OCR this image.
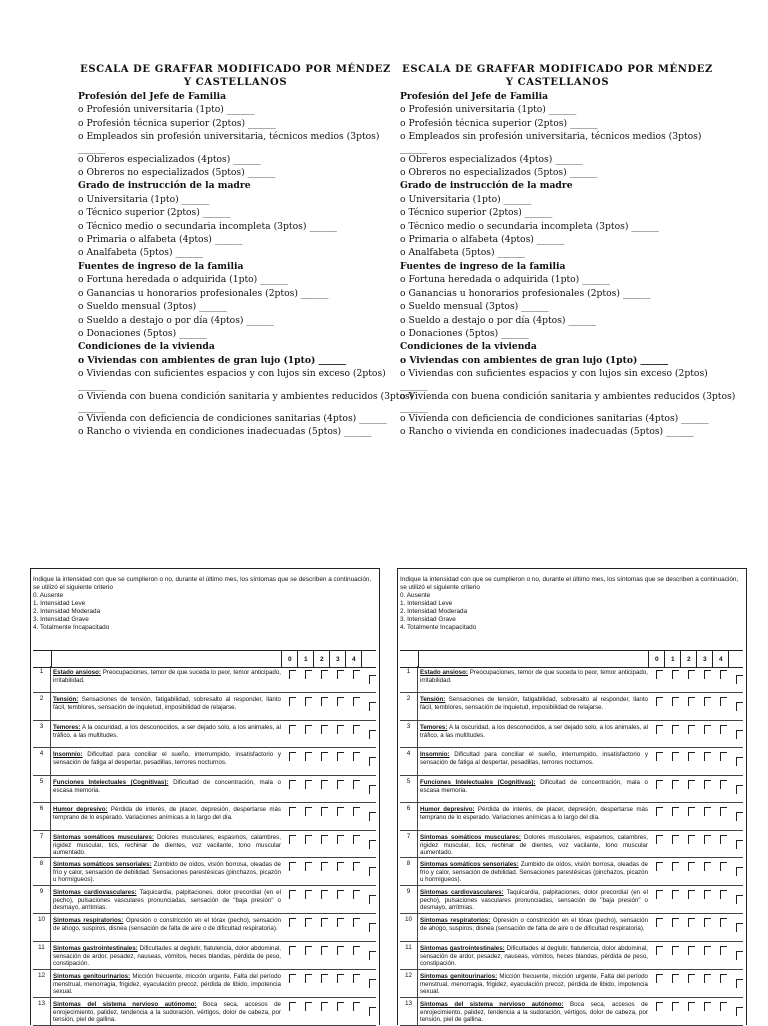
ESCALA DE GRAFFAR MODIFICADO POR MÉNDEZ Y CASTELLANOS
Profesión del Jefe de Familia
o Profesión universitaria (1pto) ______
o Profesión técnica superior (2ptos) ______
o Empleados sin profesión universitaria, técnicos medios (3ptos)
______
o Obreros especializados (4ptos) ______
o Obreros no especializados (5ptos) ______
Grado de instrucción de la madre
o Universitaria (1pto) ______
o Técnico superior (2ptos) ______
o Técnico medio o secundaria incompleta (3ptos) ______
o Primaria o alfabeta (4ptos) ______
o Analfabeta (5ptos) ______
Fuentes de ingreso de la familia
o Fortuna heredada o adquirida (1pto) ______
o Ganancias u honorarios profesionales (2ptos) ______
o Sueldo mensual (3ptos) ______
o Sueldo a destajo o por día (4ptos) ______
o Donaciones (5ptos) ______
Condiciones de la vivienda
o Viviendas con ambientes de gran lujo (1pto) ______
o Viviendas con suficientes espacios y con lujos sin exceso (2ptos)
______
o Vivienda con buena condición sanitaria y ambientes reducidos (3ptos)
______
o Vivienda con deficiencia de condiciones sanitarias (4ptos) ______
o Rancho o vivienda en condiciones inadecuadas (5ptos) ______
ESCALA DE GRAFFAR MODIFICADO POR MÉNDEZ Y CASTELLANOS
Profesión del Jefe de Familia
o Profesión universitaria (1pto) ______
o Profesión técnica superior (2ptos) ______
o Empleados sin profesión universitaria, técnicos medios (3ptos)
______
o Obreros especializados (4ptos) ______
o Obreros no especializados (5ptos) ______
Grado de instrucción de la madre
o Universitaria (1pto) ______
o Técnico superior (2ptos) ______
o Técnico medio o secundaria incompleta (3ptos) ______
o Primaria o alfabeta (4ptos) ______
o Analfabeta (5ptos) ______
Fuentes de ingreso de la familia
o Fortuna heredada o adquirida (1pto) ______
o Ganancias u honorarios profesionales (2ptos) ______
o Sueldo mensual (3ptos) ______
o Sueldo a destajo o por día (4ptos) ______
o Donaciones (5ptos) ______
Condiciones de la vivienda
o Viviendas con ambientes de gran lujo (1pto) ______
o Viviendas con suficientes espacios y con lujos sin exceso (2ptos)
______
o Vivienda con buena condición sanitaria y ambientes reducidos (3ptos)
______
o Vivienda con deficiencia de condiciones sanitarias (4ptos) ______
o Rancho o vivienda en condiciones inadecuadas (5ptos) ______
Indique la intensidad con que se cumplieron o no, durante el último mes, los síntomas que se describen a continuación, se utilizó el siguiente criterio
0. Ausente
1. Intensidad Leve
2. Intensidad Moderada
3. Intensidad Grave
4. Totalmente Incapacitado
0 1 2 3 4
1	Estado ansioso: Preocupaciones, temor de que suceda lo peor, temor anticipado, irritabilidad.
2	Tensión: Sensaciones de tensión, fatigabilidad, sobresalto al responder, llanto fácil, temblores, sensación de inquietud, imposibilidad de relajarse.
3	Temores: A la oscuridad, a los desconocidos, a ser dejado solo, a los animales, al tráfico, a las multitudes.
4	Insomnio: Dificultad para conciliar el sueño, interrumpido, insatisfactorio y sensación de fatiga al despertar, pesadillas, terrores nocturnos.
5	Funciones Intelectuales (Cognitivas): Dificultad de concentración, mala o escasa memoria.
6	Humor depresivo: Pérdida de interés, de placer, depresión, despertarse más temprano de lo esperado. Variaciones anímicas a lo largo del día.
7	Síntomas somáticos musculares: Dolores musculares, espasmos, calambres, rigidez muscular, tics, rechinar de dientes, voz vacilante, tono muscular aumentado.
8	Síntomas somáticos sensoriales: Zumbido de oídos, visión borrosa, oleadas de frío y calor, sensación de debilidad. Sensaciones parestésicas (pinchazos, picazón u hormigueos).
9	Síntomas cardiovasculares: Taquicardia, palpitaciones, dolor precordial (en el pecho), pulsaciones vasculares pronunciadas, sensación de "baja presión" o desmayo, arritmias.
10	Síntomas respiratorios: Opresión o constricción en el tórax (pecho), sensación de ahogo, suspiros, disnea (sensación de falta de aire o de dificultad respiratoria).
11	Síntomas gastrointestinales: Dificultades al deglutir, flatulencia, dolor abdominal, sensación de ardor, pesadez, nauseas, vómitos, heces blandas, pérdida de peso, constipación.
12	Síntomas genitourinarios: Micción frecuente, micción urgente, Falta del período menstrual, menorragia, frigidez, eyaculación precoz, pérdida de libido, impotencia sexual.
13	Síntomas del sistema nervioso autónomo: Boca seca, accesos de enrojecimiento, palidez, tendencia a la sudoración, vértigos, dolor de cabeza, por tensión, piel de gallina.
Indique la intensidad con que se cumplieron o no, durante el último mes, los síntomas que se describen a continuación, se utilizó el siguiente criterio
0. Ausente
1. Intensidad Leve
2. Intensidad Moderada
3. Intensidad Grave
4. Totalmente Incapacitado
0 1 2 3 4
1	Estado ansioso: Preocupaciones, temor de que suceda lo peor, temor anticipado, irritabilidad.
2	Tensión: Sensaciones de tensión, fatigabilidad, sobresalto al responder, llanto fácil, temblores, sensación de inquietud, imposibilidad de relajarse.
3	Temores: A la oscuridad, a los desconocidos, a ser dejado solo, a los animales, al tráfico, a las multitudes.
4	Insomnio: Dificultad para conciliar el sueño, interrumpido, insatisfactorio y sensación de fatiga al despertar, pesadillas, terrores nocturnos.
5	Funciones Intelectuales (Cognitivas): Dificultad de concentración, mala o escasa memoria.
6	Humor depresivo: Pérdida de interés, de placer, depresión, despertarse más temprano de lo esperado. Variaciones anímicas a lo largo del día.
7	Síntomas somáticos musculares: Dolores musculares, espasmos, calambres, rigidez muscular, tics, rechinar de dientes, voz vacilante, tono muscular aumentado.
8	Síntomas somáticos sensoriales: Zumbido de oídos, visión borrosa, oleadas de frío y calor, sensación de debilidad. Sensaciones parestésicas (pinchazos, picazón u hormigueos).
9	Síntomas cardiovasculares: Taquicardia, palpitaciones, dolor precordial (en el pecho), pulsaciones vasculares pronunciadas, sensación de "baja presión" o desmayo, arritmias.
10	Síntomas respiratorios: Opresión o constricción en el tórax (pecho), sensación de ahogo, suspiros, disnea (sensación de falta de aire o de dificultad respiratoria).
11	Síntomas gastrointestinales: Dificultades al deglutir, flatulencia, dolor abdominal, sensación de ardor, pesadez, nauseas, vómitos, heces blandas, pérdida de peso, constipación.
12	Síntomas genitourinarios: Micción frecuente, micción urgente, Falta del período menstrual, menorragia, frigidez, eyaculación precoz, pérdida de libido, impotencia sexual.
13	Síntomas del sistema nervioso autónomo: Boca seca, accesos de enrojecimiento, palidez, tendencia a la sudoración, vértigos, dolor de cabeza, por tensión, piel de gallina.
